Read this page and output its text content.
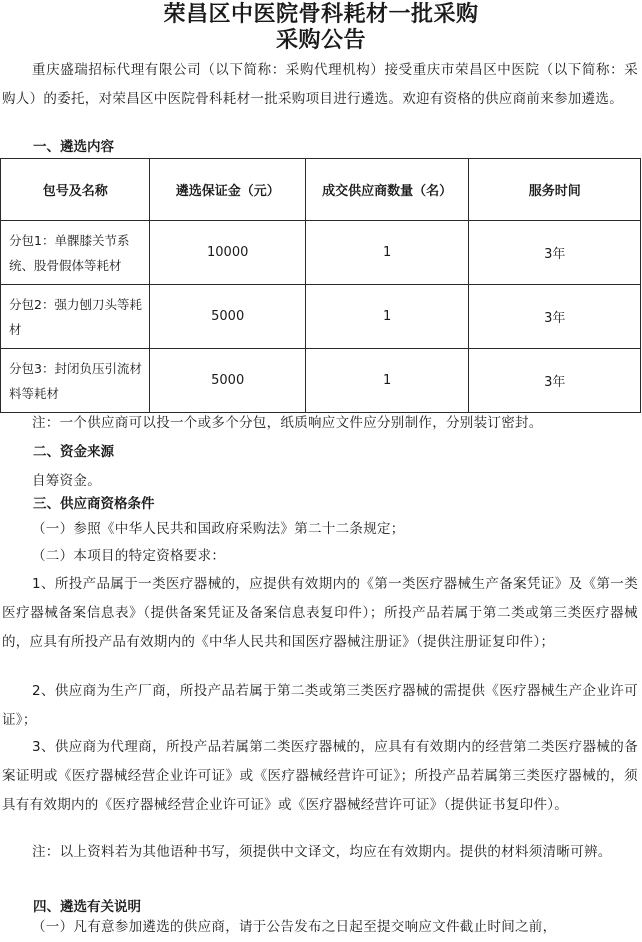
荣昌区中医院骨科耗材一批采购
采购公告

重庆盛瑞招标代理有限公司（以下简称：采购代理机构）接受重庆市荣昌区中医院（以下简称：采购人）的委托，对荣昌区中医院骨科耗材一批采购项目进行遴选。欢迎有资格的供应商前来参加遴选。

一、遴选内容

包号及名称	遴选保证金（元）	成交供应商数量（名）	服务时间
分包1：单髁膝关节系统、股骨假体等耗材	10000	1	3年
分包2：强力刨刀头等耗材	5000	1	3年
分包3：封闭负压引流材料等耗材	5000	1	3年

注：一个供应商可以投一个或多个分包，纸质响应文件应分别制作，分别装订密封。

二、资金来源

自筹资金。

三、供应商资格条件

（一）参照《中华人民共和国政府采购法》第二十二条规定；

（二）本项目的特定资格要求：

1、所投产品属于一类医疗器械的，应提供有效期内的《第一类医疗器械生产备案凭证》及《第一类医疗器械备案信息表》（提供备案凭证及备案信息表复印件）；所投产品若属于第二类或第三类医疗器械的，应具有所投产品有效期内的《中华人民共和国医疗器械注册证》（提供注册证复印件）；

2、供应商为生产厂商，所投产品若属于第二类或第三类医疗器械的需提供《医疗器械生产企业许可证》；

3、供应商为代理商，所投产品若属第二类医疗器械的，应具有有效期内的经营第二类医疗器械的备案证明或《医疗器械经营企业许可证》或《医疗器械经营许可证》；所投产品若属第三类医疗器械的，须具有有效期内的《医疗器械经营企业许可证》或《医疗器械经营许可证》（提供证书复印件）。

注：以上资料若为其他语种书写，须提供中文译文，均应在有效期内。提供的材料须清晰可辨。

四、遴选有关说明

（一）凡有意参加遴选的供应商，请于公告发布之日起至提交响应文件截止时间之前，
